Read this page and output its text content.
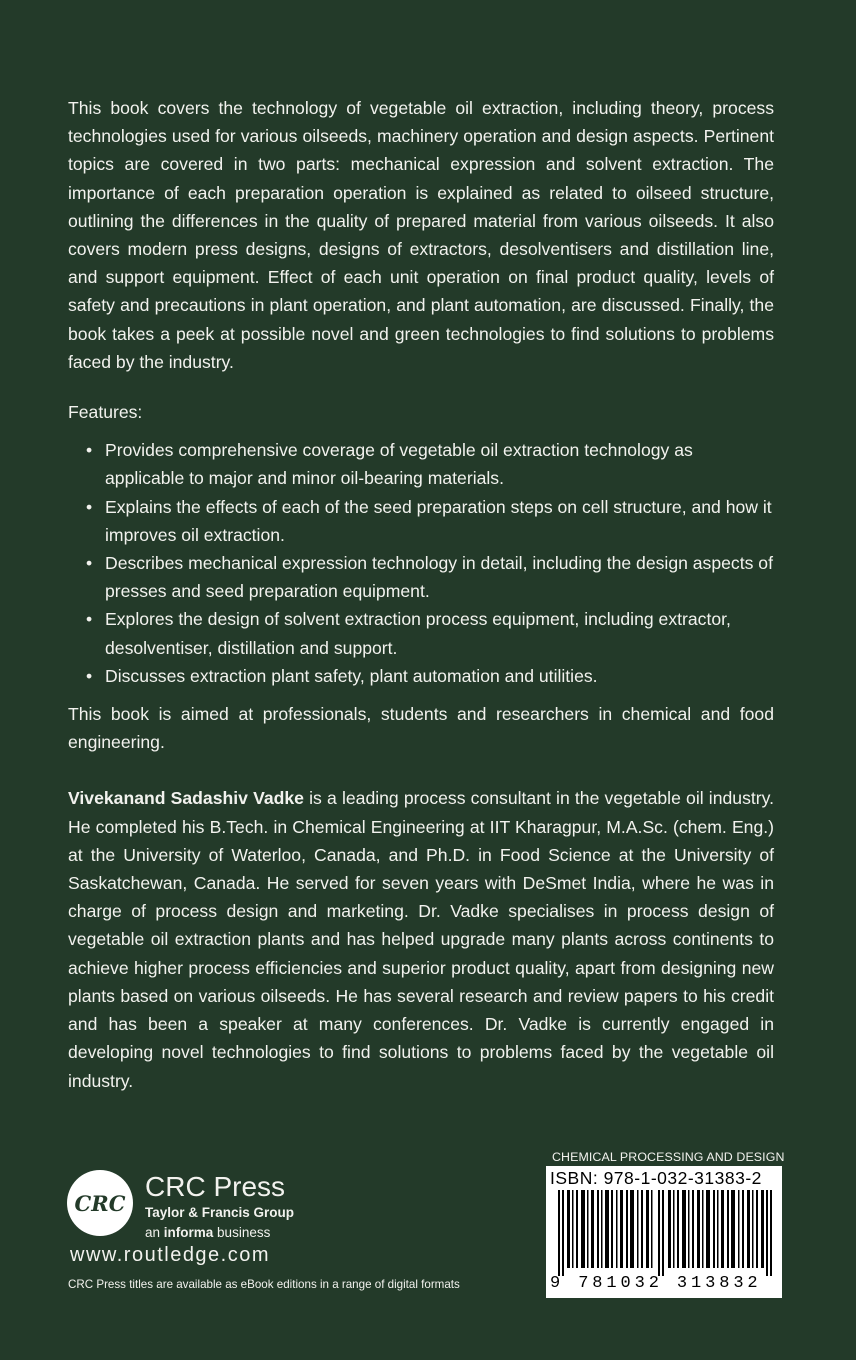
This book covers the technology of vegetable oil extraction, including theory, process technologies used for various oilseeds, machinery operation and design aspects. Pertinent topics are covered in two parts: mechanical expression and solvent extraction. The importance of each preparation operation is explained as related to oilseed structure, outlining the differences in the quality of prepared material from various oilseeds. It also covers modern press designs, designs of extractors, desolventisers and distillation line, and support equipment. Effect of each unit operation on final product quality, levels of safety and precautions in plant operation, and plant automation, are discussed. Finally, the book takes a peek at possible novel and green technologies to find solutions to problems faced by the industry.

Features:

• Provides comprehensive coverage of vegetable oil extraction technology as applicable to major and minor oil-bearing materials.
• Explains the effects of each of the seed preparation steps on cell structure, and how it improves oil extraction.
• Describes mechanical expression technology in detail, including the design aspects of presses and seed preparation equipment.
• Explores the design of solvent extraction process equipment, including extractor, desolventiser, distillation and support.
• Discusses extraction plant safety, plant automation and utilities.

This book is aimed at professionals, students and researchers in chemical and food engineering.

Vivekanand Sadashiv Vadke is a leading process consultant in the vegetable oil industry. He completed his B.Tech. in Chemical Engineering at IIT Kharagpur, M.A.Sc. (chem. Eng.) at the University of Waterloo, Canada, and Ph.D. in Food Science at the University of Saskatchewan, Canada. He served for seven years with DeSmet India, where he was in charge of process design and marketing. Dr. Vadke specialises in process design of vegetable oil extraction plants and has helped upgrade many plants across continents to achieve higher process efficiencies and superior product quality, apart from designing new plants based on various oilseeds. He has several research and review papers to his credit and has been a speaker at many conferences. Dr. Vadke is currently engaged in developing novel technologies to find solutions to problems faced by the vegetable oil industry.

CRC
CRC Press
Taylor & Francis Group
an informa business
www.routledge.com
CRC Press titles are available as eBook editions in a range of digital formats
CHEMICAL PROCESSING AND DESIGN
ISBN: 978-1-032-31383-2
9 781032 313832
